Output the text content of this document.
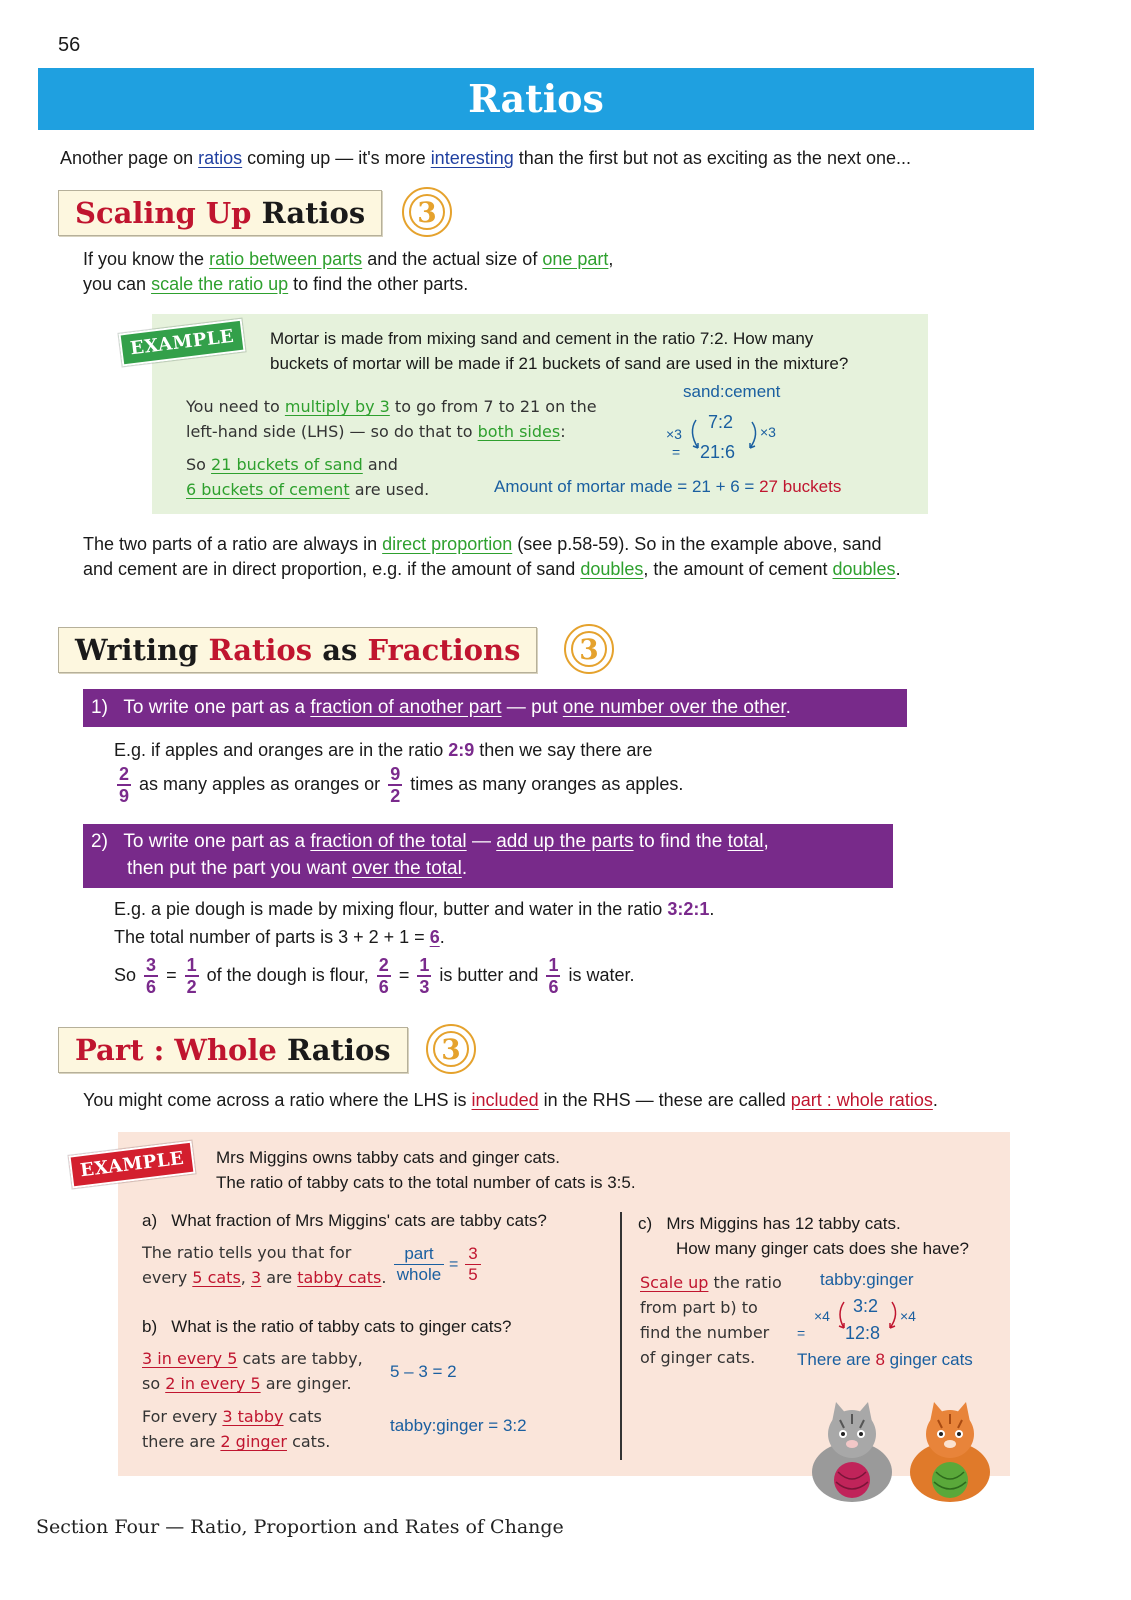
56
Ratios
Another page on ratios coming up — it's more interesting than the first but not as exciting as the next one...
Scaling Up Ratios	3
If you know the ratio between parts and the actual size of one part,
you can scale the ratio up to find the other parts.
EXAMPLE	Mortar is made from mixing sand and cement in the ratio 7:2. How many
buckets of mortar will be made if 21 buckets of sand are used in the mixture?
You need to multiply by 3 to go from 7 to 21 on the
left-hand side (LHS) — so do that to both sides:
So 21 buckets of sand and
6 buckets of cement are used.
sand:cement
7:2
21:6
×3	×3
=
Amount of mortar made = 21 + 6 = 27 buckets
The two parts of a ratio are always in direct proportion (see p.58-59). So in the example above, sand
and cement are in direct proportion, e.g. if the amount of sand doubles, the amount of cement doubles.
Writing Ratios as Fractions	3
1) To write one part as a fraction of another part — put one number over the other.
E.g. if apples and oranges are in the ratio 2:9 then we say there are
$\frac{2}{9}$ as many apples as oranges or $\frac{9}{2}$ times as many oranges as apples.
2) To write one part as a fraction of the total — add up the parts to find the total,
then put the part you want over the total.
E.g. a pie dough is made by mixing flour, butter and water in the ratio 3:2:1.
The total number of parts is 3 + 2 + 1 = 6.
So $\frac{3}{6} = \frac{1}{2}$ of the dough is flour, $\frac{2}{6} = \frac{1}{3}$ is butter and $\frac{1}{6}$ is water.
Part : Whole Ratios	3
You might come across a ratio where the LHS is included in the RHS — these are called part : whole ratios.
EXAMPLE	Mrs Miggins owns tabby cats and ginger cats.
The ratio of tabby cats to the total number of cats is 3:5.
a) What fraction of Mrs Miggins' cats are tabby cats?
The ratio tells you that for
every 5 cats, 3 are tabby cats.
part
whole
= $\frac{3}{5}$
b) What is the ratio of tabby cats to ginger cats?
3 in every 5 cats are tabby,
so 2 in every 5 are ginger.
For every 3 tabby cats
there are 2 ginger cats.
5 – 3 = 2
tabby:ginger = 3:2
c) Mrs Miggins has 12 tabby cats.
How many ginger cats does she have?
Scale up the ratio
from part b) to
find the number
of ginger cats.
tabby:ginger
3:2
12:8
×4	×4
=
There are 8 ginger cats
Section Four — Ratio, Proportion and Rates of Change
